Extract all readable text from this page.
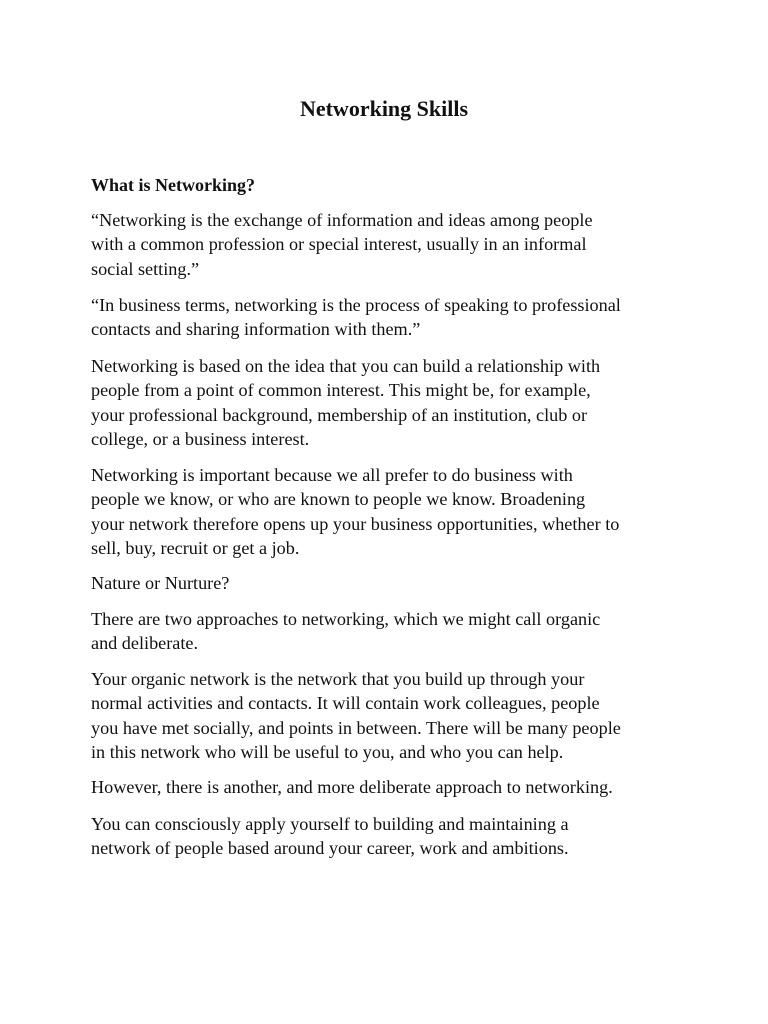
Networking Skills
What is Networking?

“Networking is the exchange of information and ideas among people
with a common profession or special interest, usually in an informal
social setting.”

“In business terms, networking is the process of speaking to professional
contacts and sharing information with them.”

Networking is based on the idea that you can build a relationship with
people from a point of common interest. This might be, for example,
your professional background, membership of an institution, club or
college, or a business interest.

Networking is important because we all prefer to do business with
people we know, or who are known to people we know. Broadening
your network therefore opens up your business opportunities, whether to
sell, buy, recruit or get a job.

Nature or Nurture?

There are two approaches to networking, which we might call organic
and deliberate.

Your organic network is the network that you build up through your
normal activities and contacts. It will contain work colleagues, people
you have met socially, and points in between. There will be many people
in this network who will be useful to you, and who you can help.

However, there is another, and more deliberate approach to networking.

You can consciously apply yourself to building and maintaining a
network of people based around your career, work and ambitions.
